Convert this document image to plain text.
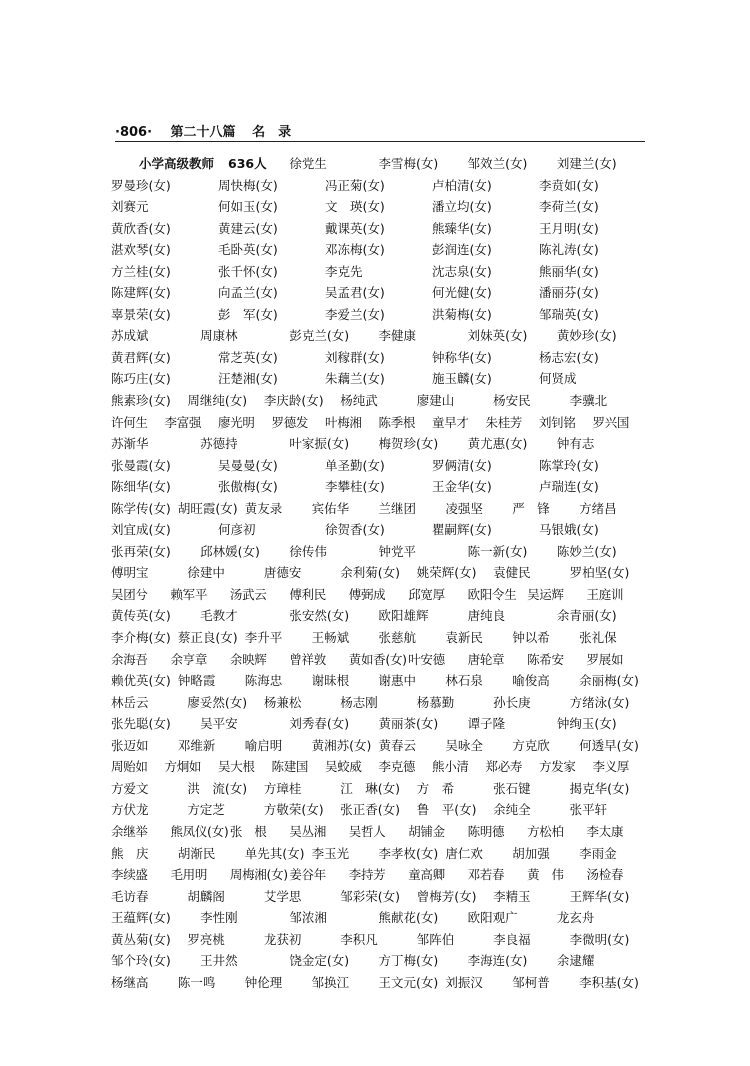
·806· 第二十八篇 名　录
小学高级教师 636人 徐党生	李雪梅(女) 邹效兰(女) 刘建兰(女)
罗曼珍(女)	周快梅(女)	冯正菊(女)	卢柏清(女)	李贲如(女)
刘赛元	何如玉(女)	文　瑛(女)	潘立均(女)	李荷兰(女)
黄欣香(女)	黄建云(女)	戴课英(女)	熊臻华(女)	王月明(女)
湛欢琴(女)	毛卧英(女)	邓冻梅(女)	彭润连(女)	陈礼涛(女)
方兰桂(女)	张千怀(女)	李克先	沈志泉(女)	熊丽华(女)
陈建辉(女)	向孟兰(女)	吴孟君(女)	何光健(女)	潘丽芬(女)
辜景荣(女)	彭　军(女)	李爱兰(女)	洪菊梅(女)	邹瑞英(女)
苏成斌	周康林	彭克兰(女) 李健康	刘妹英(女) 黄妙珍(女)
黄君辉(女)	常芝英(女)	刘稼群(女)	钟称华(女)	杨志宏(女)
陈巧庄(女)	汪楚湘(女)	朱藕兰(女)	施玉麟(女)	何贤成
熊素珍(女) 周继纯(女) 李庆龄(女) 杨纯武	廖建山	杨安民	李骥北
许何生 李富强 廖光明 罗德发 叶梅湘 陈季根 童早才 朱桂芳 刘钊铭 罗兴国
苏渐华	苏德持	叶家振(女) 梅贺珍(女) 黄尤惠(女) 钟有志
张曼霞(女)	吴曼曼(女)	单圣勤(女)	罗俩清(女)	陈掌玲(女)
陈细华(女)	张傲梅(女)	李攀桂(女)	王金华(女)	卢瑞连(女)
陈学传(女) 胡旺霞(女) 黄友录 宾佑华 兰继团 凌强坚 严　锋 方绪昌
刘宜成(女)	何彦初	徐贺香(女)	瞿嗣辉(女)	马银娥(女)
张再荣(女) 邱林媛(女) 徐传伟	钟党平	陈一新(女) 陈妙兰(女)
傅明宝	徐建中	唐德安	余利菊(女) 姚荣辉(女) 袁健民	罗柏坚(女)
吴团兮 赖军平 汤武云 傅利民 傅弼成 邱宽厚 欧阳令生 吴运辉 王庭训
黄传英(女) 毛教才	张安然(女) 欧阳雄辉	唐纯良	余青丽(女)
李介梅(女) 蔡正良(女) 李升平 王畅斌 张慈航 袁新民 钟以希 张礼保
余海吾 余亨章 余映辉 曾祥敦 黄如香(女) 叶安德 唐轮章 陈希安 罗展如
赖优英(女) 钟略霞 陈海忠 谢昧根 谢惠中 林石泉 喻俊高 余丽梅(女)
林岳云	廖妥然(女) 杨兼松	杨志刚	杨慕勤	孙长庚	方绪泳(女)
张先聪(女) 吴平安	刘秀春(女) 黄丽茶(女) 谭子隆	钟绚玉(女)
张迈如 邓维新 喻启明 黄湘苏(女) 黄春云 吴咏全 方克欣 何透早(女)
周贻如 方炯如 吴大根 陈建国 吴蛟威 李克德 熊小清 郑必寿 方发家 李义厚
方爱文	洪　流(女) 方璋桂	江　琳(女) 方　希	张石键	揭克华(女)
方伏龙	方定芝	方敬荣(女) 张正香(女) 鲁　平(女) 余纯全	张平轩
余继举 熊凤仪(女) 张　根 吴丛湘 吴哲人 胡铺金 陈明德 方松柏 李太康
熊　庆 胡渐民 单先其(女) 李玉光 李孝枚(女) 唐仁欢 胡加强 李雨金
李续盛 毛用明 周梅湘(女) 姜谷年 李持芳 童高卿 邓若春 黄　伟 汤检春
毛访春	胡麟阁	艾学思	邹彩荣(女) 曾梅芳(女) 李精玉	王辉华(女)
王蕴辉(女) 李性刚	邹浓湘	熊献花(女) 欧阳观广	龙玄舟
黄丛菊(女) 罗亮桃	龙获初	李积凡	邹阵伯	李良福	李微明(女)
邹个玲(女) 王井然	饶金定(女) 方丁梅(女) 李海连(女) 余逮耀
杨继高 陈一鸣 钟伦理 邹换江 王文元(女) 刘振汉 邹柯普 李积基(女)
